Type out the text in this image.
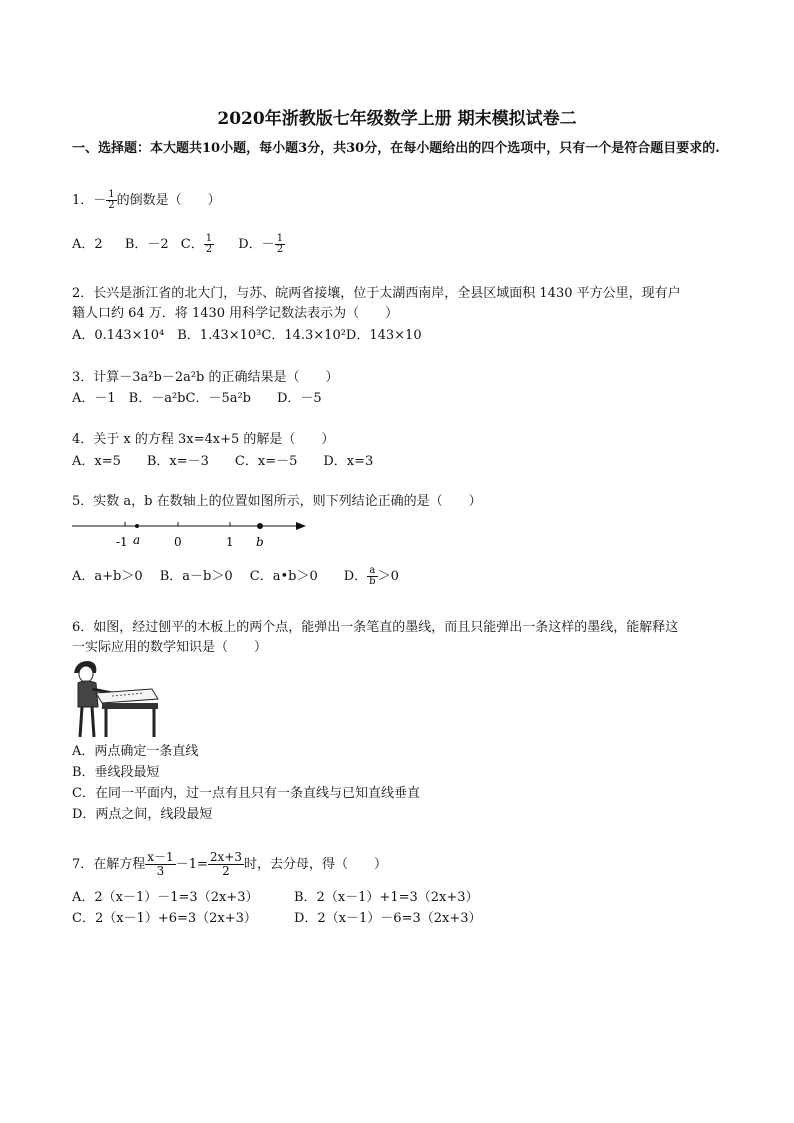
2020年浙教版七年级数学上册 期末模拟试卷二
一、选择题：本大题共10小题，每小题3分，共30分，在每小题给出的四个选项中，只有一个是符合题目要求的.
1．－ $\frac{1}{2}$ 的倒数是（　　）
A．2 B．－2 C． $\frac{1}{2}$ D．－ $\frac{1}{2}$
2．长兴是浙江省的北大门，与苏、皖两省接壤，位于太湖西南岸，全县区域面积 1430 平方公里，现有户
籍人口约 64 万．将 1430 用科学记数法表示为（　　）
A．0.143×10⁴　B．1.43×10³C．14.3×10²D．143×10
3．计算－3a²b－2a²b 的正确结果是（　　）
A．－1　B．－a²bC．－5a²b　　D．－5
4．关于 x 的方程 3x=4x+5 的解是（　　）
A．x=5　　B．x=－3　　C．x=－5　　D．x=3
5．实数 a，b 在数轴上的位置如图所示，则下列结论正确的是（　　）
-1 a	0	1 b
A．a+b＞0　 B．a－b＞0　 C．a•b＞0　　D． $\frac{a}{b} >0$
6．如图，经过刨平的木板上的两个点，能弹出一条笔直的墨线，而且只能弹出一条这样的墨线，能解释这
一实际应用的数学知识是（　　）
A．两点确定一条直线
B．垂线段最短
C．在同一平面内，过一点有且只有一条直线与已知直线垂直
D．两点之间，线段最短
7．在解方程 $\frac{x-1}{3} -1= \frac{2x+3}{2}$ 时，去分母，得（　　）
A．2（x－1）－1=3（2x+3）	B．2（x－1）+1=3（2x+3）
C．2（x－1）+6=3（2x+3）	D．2（x－1）－6=3（2x+3）
